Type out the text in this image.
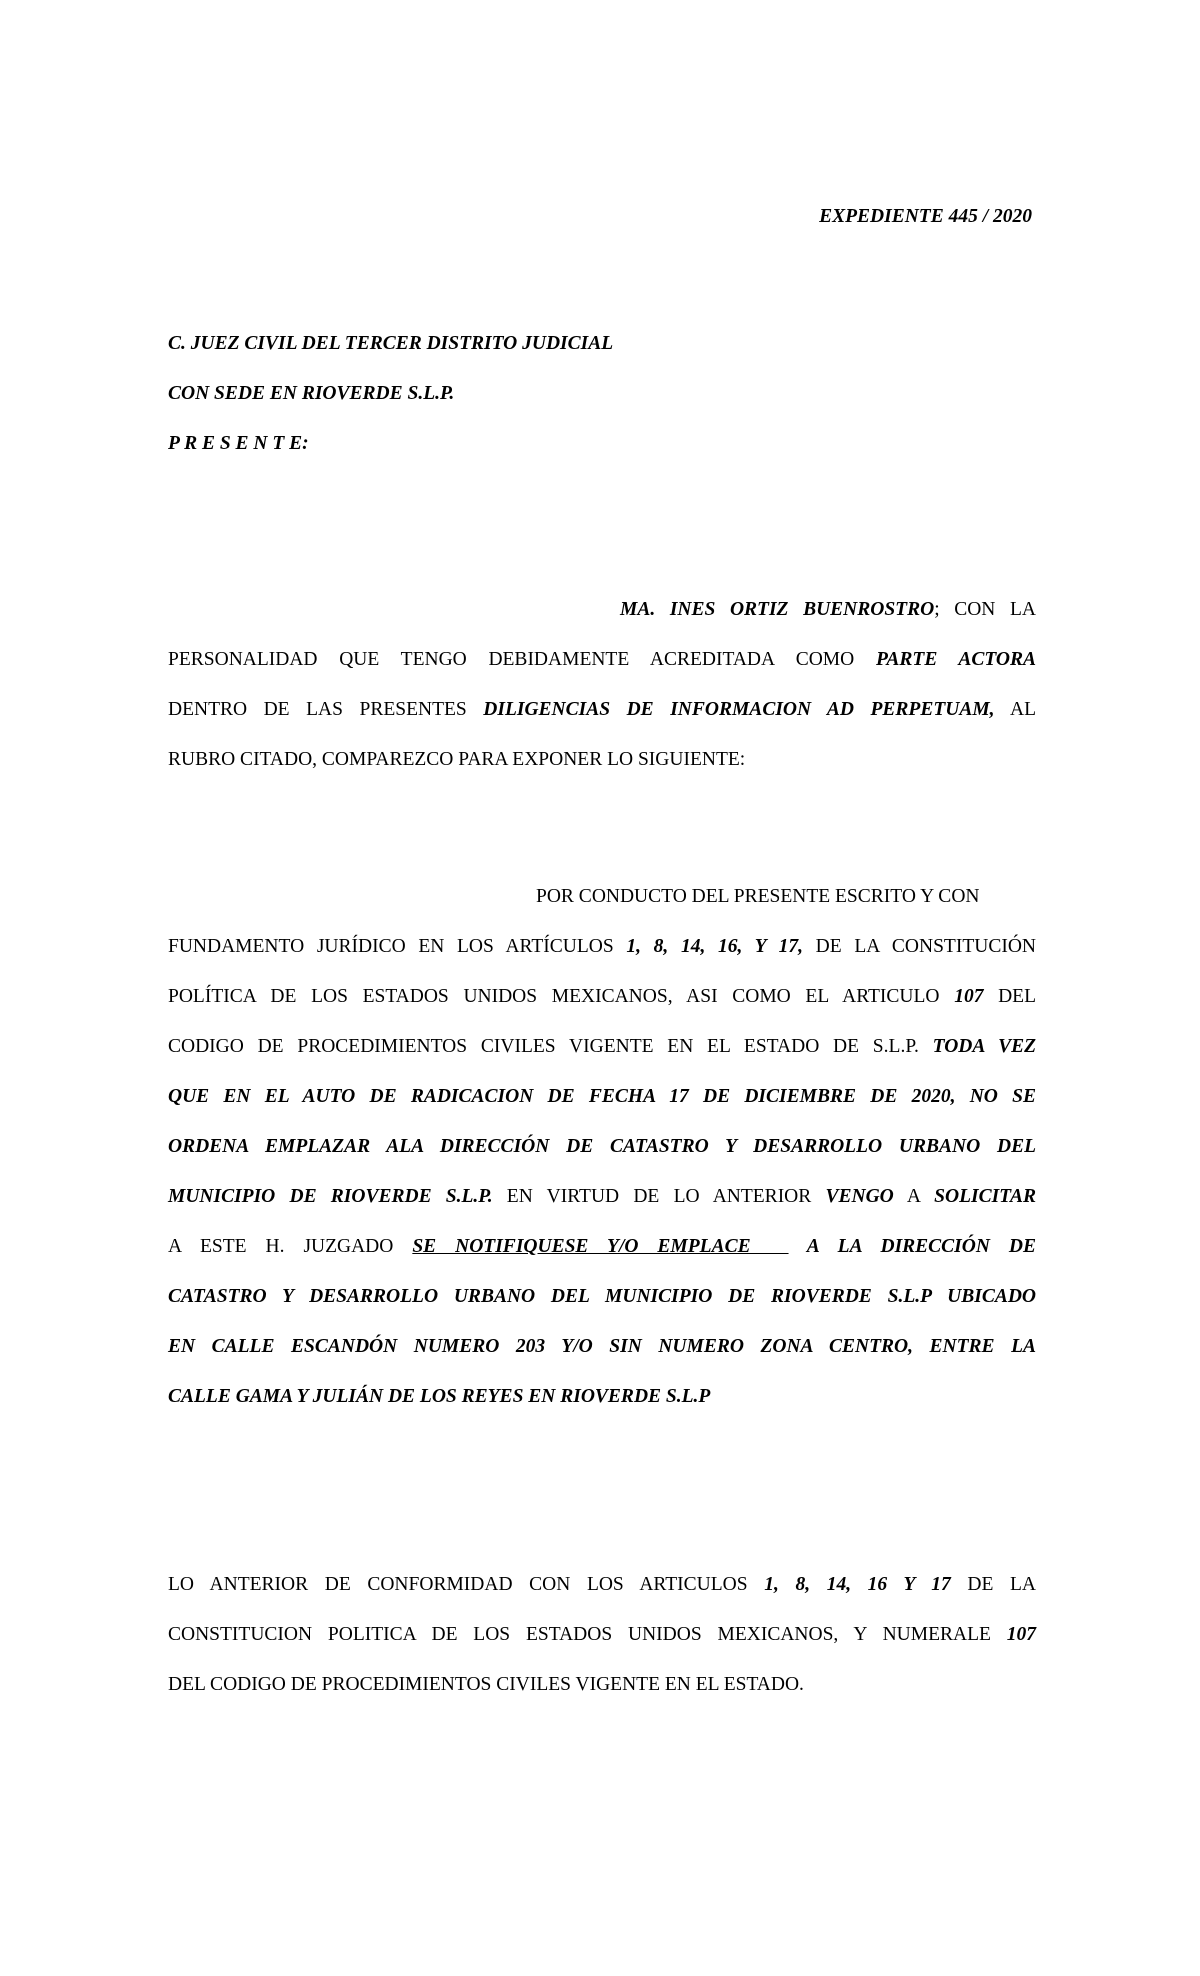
EXPEDIENTE 445 / 2020
C. JUEZ CIVIL DEL TERCER DISTRITO JUDICIAL
CON SEDE EN RIOVERDE S.L.P.
P R E S E N T E:
MA. INES ORTIZ BUENROSTRO; CON LA
PERSONALIDAD QUE TENGO DEBIDAMENTE ACREDITADA COMO PARTE ACTORA
DENTRO DE LAS PRESENTES DILIGENCIAS DE INFORMACION AD PERPETUAM, AL
RUBRO CITADO, COMPAREZCO PARA EXPONER LO SIGUIENTE:
POR CONDUCTO DEL PRESENTE ESCRITO Y CON
FUNDAMENTO JURÍDICO EN LOS ARTÍCULOS 1, 8, 14, 16, Y 17, DE LA CONSTITUCIÓN
POLÍTICA DE LOS ESTADOS UNIDOS MEXICANOS, ASI COMO EL ARTICULO 107 DEL
CODIGO DE PROCEDIMIENTOS CIVILES VIGENTE EN EL ESTADO DE S.L.P. TODA VEZ
QUE EN EL AUTO DE RADICACION DE FECHA 17 DE DICIEMBRE DE 2020, NO SE
ORDENA EMPLAZAR ALA DIRECCIÓN DE CATASTRO Y DESARROLLO URBANO DEL
MUNICIPIO DE RIOVERDE S.L.P. EN VIRTUD DE LO ANTERIOR VENGO A SOLICITAR
A ESTE H. JUZGADO SE NOTIFIQUESE Y/O EMPLACE   A LA DIRECCIÓN DE
CATASTRO Y DESARROLLO URBANO DEL MUNICIPIO DE RIOVERDE S.L.P UBICADO
EN CALLE ESCANDÓN NUMERO 203 Y/O SIN NUMERO ZONA CENTRO, ENTRE LA
CALLE GAMA Y JULIÁN DE LOS REYES EN RIOVERDE S.L.P
LO ANTERIOR DE CONFORMIDAD CON LOS ARTICULOS 1, 8, 14, 16 Y 17 DE LA
CONSTITUCION POLITICA DE LOS ESTADOS UNIDOS MEXICANOS, Y NUMERALE 107
DEL CODIGO DE PROCEDIMIENTOS CIVILES VIGENTE EN EL ESTADO.
